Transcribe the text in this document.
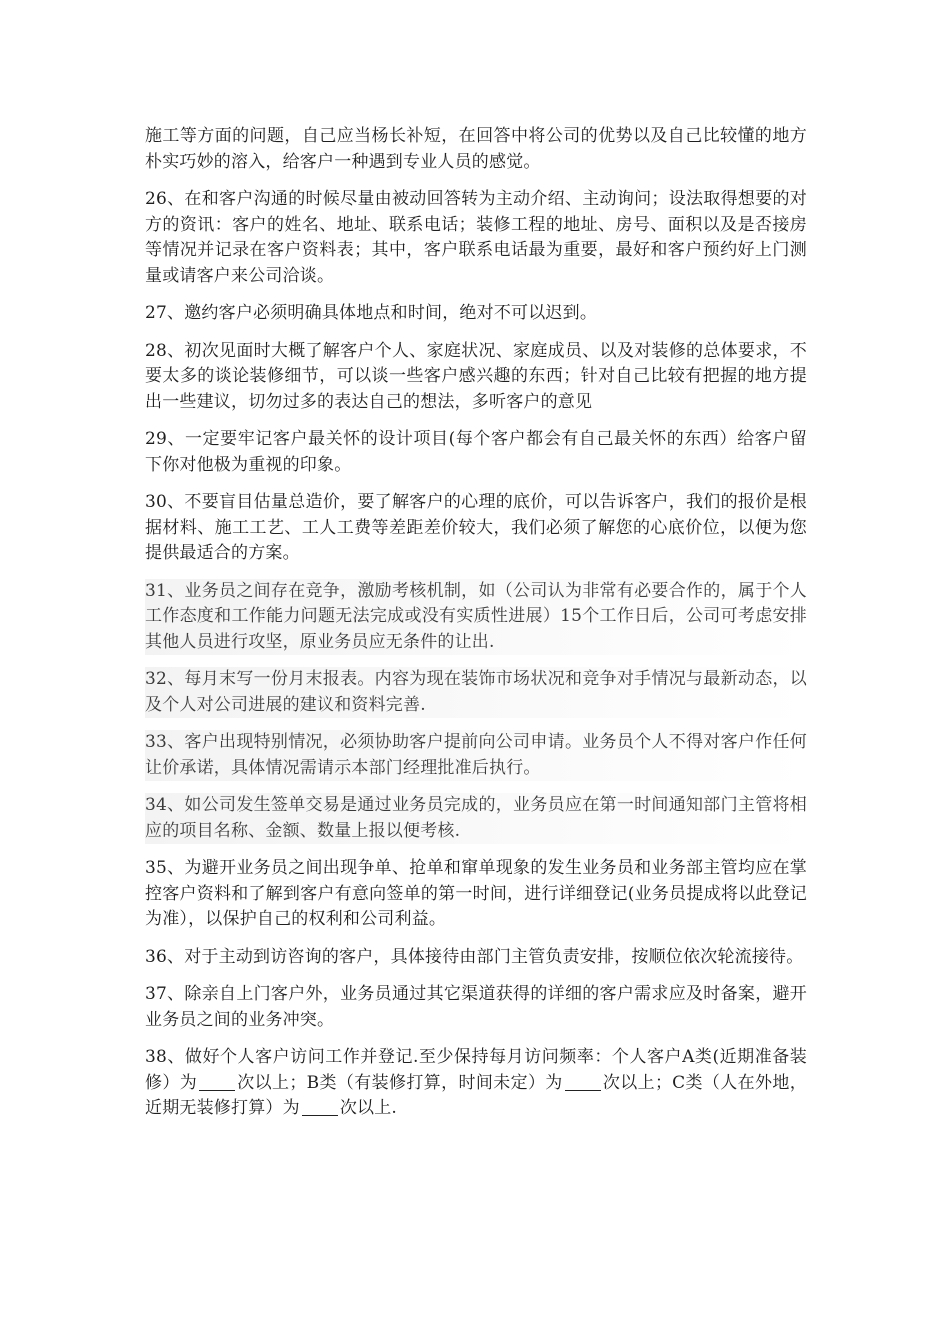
施工等方面的问题，自己应当杨长补短，在回答中将公司的优势以及自己比较懂的地方朴实巧妙的溶入，给客户一种遇到专业人员的感觉。

26、在和客户沟通的时候尽量由被动回答转为主动介绍、主动询问；设法取得想要的对方的资讯：客户的姓名、地址、联系电话；装修工程的地址、房号、面积以及是否接房等情况并记录在客户资料表；其中，客户联系电话最为重要，最好和客户预约好上门测量或请客户来公司洽谈。

27、邀约客户必须明确具体地点和时间，绝对不可以迟到。

28、初次见面时大概了解客户个人、家庭状况、家庭成员、以及对装修的总体要求，不要太多的谈论装修细节，可以谈一些客户感兴趣的东西；针对自己比较有把握的地方提出一些建议，切勿过多的表达自己的想法，多听客户的意见

29、一定要牢记客户最关怀的设计项目(每个客户都会有自己最关怀的东西）给客户留下你对他极为重视的印象。

30、不要盲目估量总造价，要了解客户的心理的底价，可以告诉客户，我们的报价是根据材料、施工工艺、工人工费等差距差价较大，我们必须了解您的心底价位，以便为您提供最适合的方案。

31、业务员之间存在竞争，激励考核机制，如（公司认为非常有必要合作的，属于个人工作态度和工作能力问题无法完成或没有实质性进展）15个工作日后，公司可考虑安排其他人员进行攻坚，原业务员应无条件的让出.

32、每月末写一份月末报表。内容为现在装饰市场状况和竞争对手情况与最新动态，以及个人对公司进展的建议和资料完善.

33、客户出现特别情况，必须协助客户提前向公司申请。业务员个人不得对客户作任何让价承诺，具体情况需请示本部门经理批准后执行。

34、如公司发生签单交易是通过业务员完成的，业务员应在第一时间通知部门主管将相应的项目名称、金额、数量上报以便考核.

35、为避开业务员之间出现争单、抢单和窜单现象的发生业务员和业务部主管均应在掌控客户资料和了解到客户有意向签单的第一时间，进行详细登记(业务员提成将以此登记为准），以保护自己的权利和公司利益。

36、对于主动到访咨询的客户，具体接待由部门主管负责安排，按顺位依次轮流接待。

37、除亲自上门客户外，业务员通过其它渠道获得的详细的客户需求应及时备案，避开业务员之间的业务冲突。

38、做好个人客户访问工作并登记.至少保持每月访问频率：个人客户A类(近期准备装修）为 次以上；B类（有装修打算，时间未定）为 次以上；C类（人在外地，近期无装修打算）为 次以上.
